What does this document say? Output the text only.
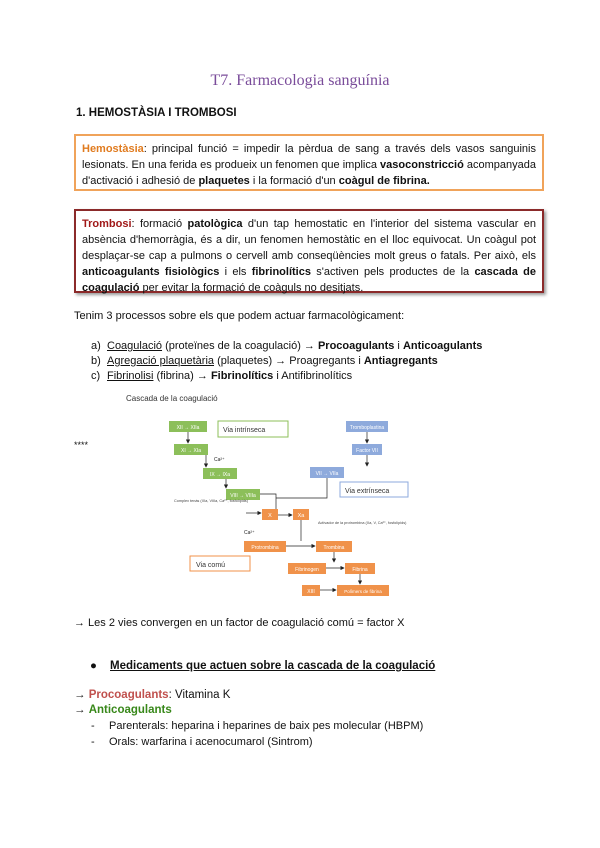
T7. Farmacologia sanguínia
1. HEMOSTÀSIA I TROMBOSI
Hemostàsia: principal funció = impedir la pèrdua de sang a través dels vasos sanguinis lesionats. En una ferida es produeix un fenomen que implica vasoconstricció acompanyada d'activació i adhesió de plaquetes i la formació d'un coàgul de fibrina.
Trombosi: formació patològica d'un tap hemostatic en l'interior del sistema vascular en absència d'hemorràgia, és a dir, un fenomen hemostàtic en el lloc equivocat. Un coàgul pot desplaçar-se cap a pulmons o cervell amb conseqüències molt greus o fatals. Per això, els anticoagulants fisiològics i els fibrinolítics s'activen pels productes de la cascada de coagulació per evitar la formació de coàguls no desitjats.
Tenim 3 processos sobre els que podem actuar farmacològicament:
a) Coagulació (proteïnes de la coagulació) → Procoagulants i Anticoagulants
b) Agregació plaquetària (plaquetes) → Proagregants i Antiagregants
c) Fibrinolisi (fibrina) → Fibrinolítics i Antifibrinolítics
****
Cascada de la coagulació
XII → XIIa	Via intrínseca
XI → XIa
Ca²⁺
IX → IXa
VIII → VIIIa
Complex tenàs (IXa, VIIIa, Ca²⁺, fosfolípids)
Tromboplastina
Factor VII
VII → VIIa
Via extrínseca
X	Xa
Ca²⁺
Activador de la protrombina (Xa, V, Ca²⁺, fosfolípids)
Protrombina	Trombina
Via comú
Fibrinogen	Fibrina
XIII	Polímers de fibrina
→ Les 2 vies convergen en un factor de coagulació comú = factor X
● Medicaments que actuen sobre la cascada de la coagulació
→ Procoagulants: Vitamina K
→ Anticoagulants
- Parenterals: heparina i heparines de baix pes molecular (HBPM)
- Orals: warfarina i acenocumarol (Sintrom)
